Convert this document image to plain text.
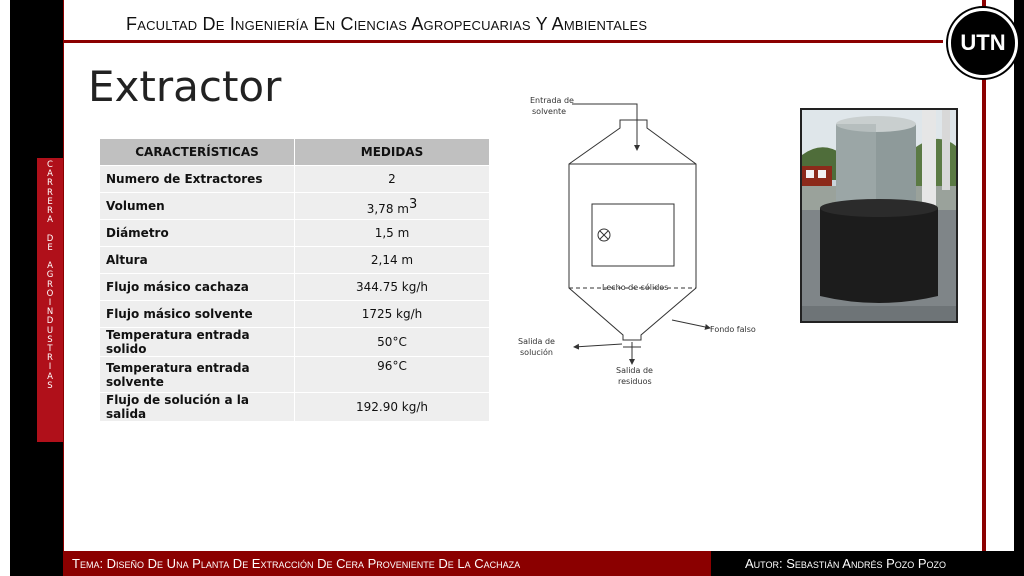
Facultad De Ingeniería En Ciencias Agropecuarias Y Ambientales
UTN
C
A
R
R
E
R
A

D
E

A
G
R
O
I
N
D
U
S
T
R
I
A
S
Extractor
CARACTERÍSTICAS	MEDIDAS
Numero de Extractores	2
Volumen	3,78 $m^3$
Diámetro	1,5 m
Altura	2,14 m
Flujo másico cachaza	344.75 kg/h
Flujo másico solvente	1725 kg/h
Temperatura entrada solido	50°C
Temperatura entrada solvente	96°C
Flujo de solución a la salida	192.90 kg/h
Entrada de
solvente
Lecho de sólidos
Fondo falso
Salida de
solución
Salida de
residuos
Tema: Diseño De Una Planta De Extracción De Cera Proveniente De La Cachaza	Autor: Sebastián Andrés Pozo Pozo
